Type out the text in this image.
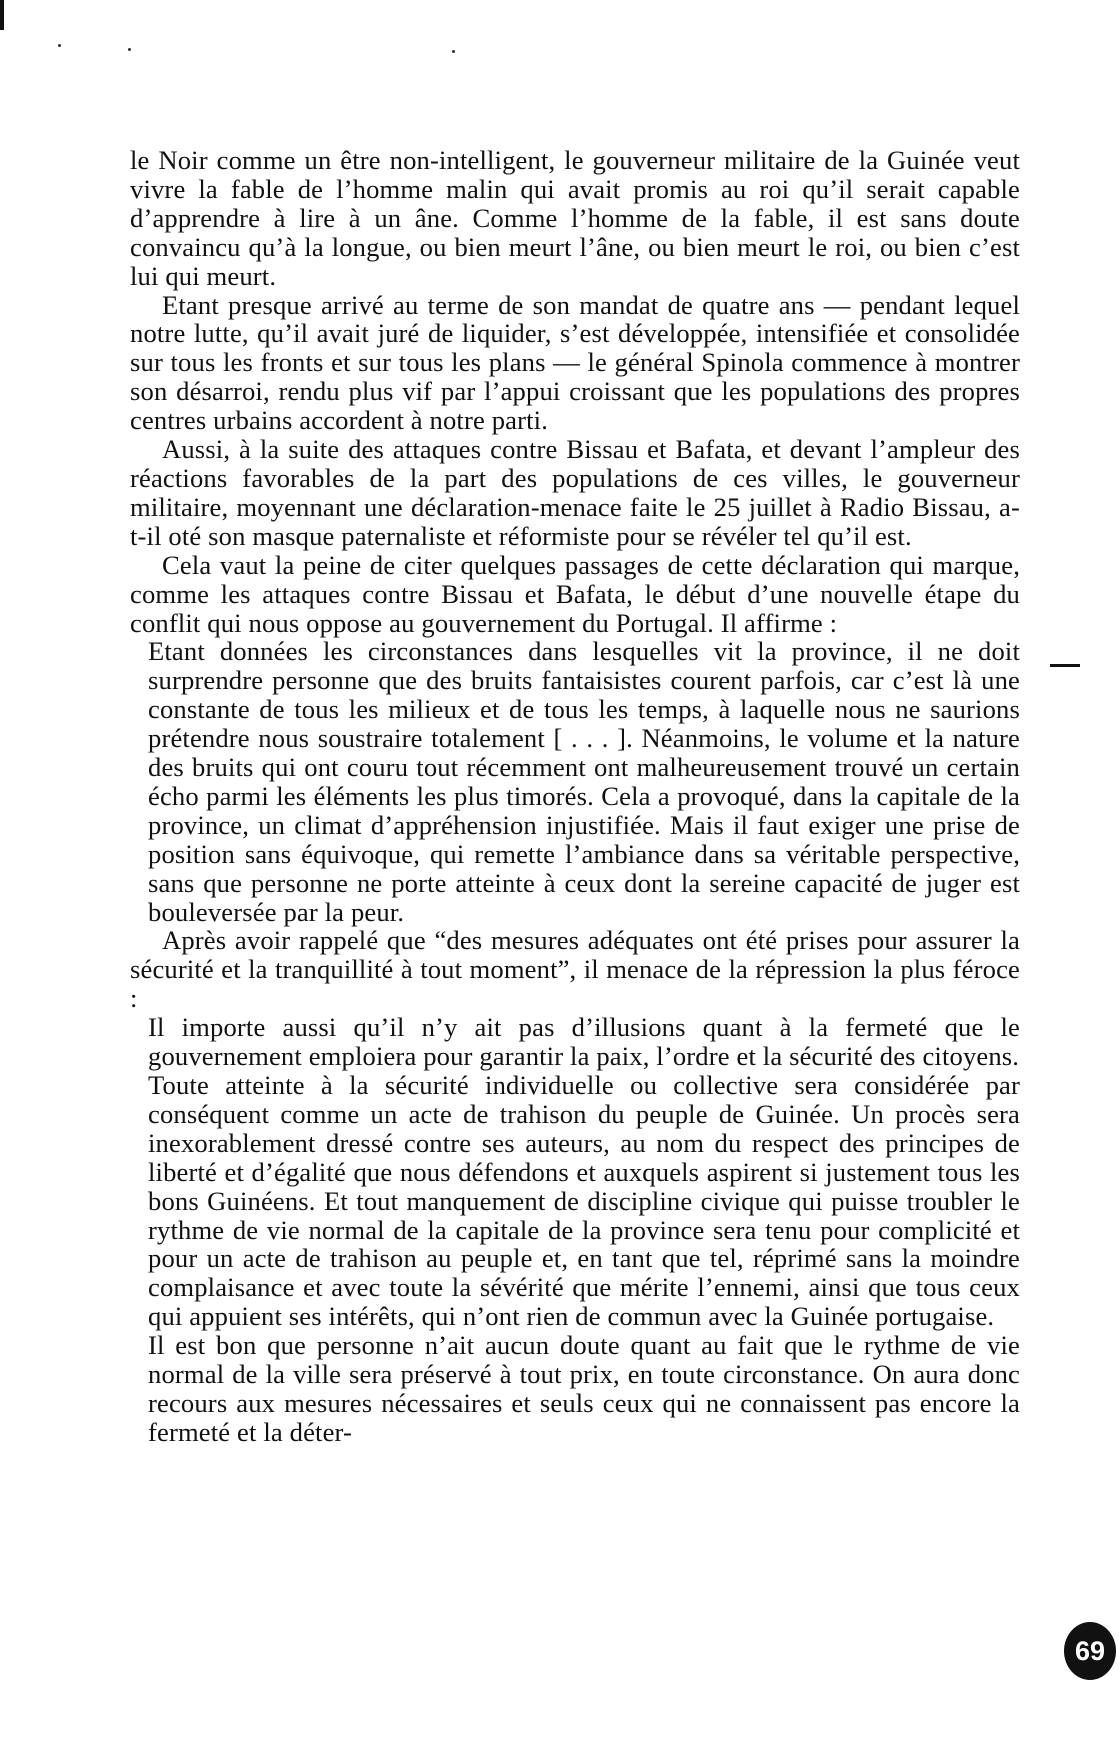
le Noir comme un être non-intelligent, le gouverneur militaire de la Guinée veut vivre la fable de l’homme malin qui avait promis au roi qu’il serait capable d’apprendre à lire à un âne. Comme l’homme de la fable, il est sans doute convaincu qu’à la longue, ou bien meurt l’âne, ou bien meurt le roi, ou bien c’est lui qui meurt.

Etant presque arrivé au terme de son mandat de quatre ans — pendant lequel notre lutte, qu’il avait juré de liquider, s’est développée, intensifiée et consolidée sur tous les fronts et sur tous les plans — le général Spinola commence à montrer son désarroi, rendu plus vif par l’appui croissant que les populations des propres centres urbains accordent à notre parti.

Aussi, à la suite des attaques contre Bissau et Bafata, et devant l’ampleur des réactions favorables de la part des populations de ces villes, le gouverneur militaire, moyennant une déclaration-menace faite le 25 juillet à Radio Bissau, a-t-il oté son masque paternaliste et réformiste pour se révéler tel qu’il est.

Cela vaut la peine de citer quelques passages de cette déclaration qui marque, comme les attaques contre Bissau et Bafata, le début d’une nouvelle étape du conflit qui nous oppose au gouvernement du Portugal. Il affirme :

Etant données les circonstances dans lesquelles vit la province, il ne doit surprendre personne que des bruits fantaisistes courent parfois, car c’est là une constante de tous les milieux et de tous les temps, à laquelle nous ne saurions prétendre nous soustraire totalement [ . . . ]. Néanmoins, le volume et la nature des bruits qui ont couru tout récemment ont malheureusement trouvé un certain écho parmi les éléments les plus timorés. Cela a provoqué, dans la capitale de la province, un climat d’appréhension injustifiée. Mais il faut exiger une prise de position sans équivoque, qui remette l’ambiance dans sa véritable perspective, sans que personne ne porte atteinte à ceux dont la sereine capacité de juger est bouleversée par la peur.

Après avoir rappelé que “des mesures adéquates ont été prises pour assurer la sécurité et la tranquillité à tout moment”, il menace de la répression la plus féroce :

Il importe aussi qu’il n’y ait pas d’illusions quant à la fermeté que le gouvernement emploiera pour garantir la paix, l’ordre et la sécurité des citoyens.

Toute atteinte à la sécurité individuelle ou collective sera considérée par conséquent comme un acte de trahison du peuple de Guinée. Un procès sera inexorablement dressé contre ses auteurs, au nom du respect des principes de liberté et d’égalité que nous défendons et auxquels aspirent si justement tous les bons Guinéens. Et tout manquement de discipline civique qui puisse troubler le rythme de vie normal de la capitale de la province sera tenu pour complicité et pour un acte de trahison au peuple et, en tant que tel, réprimé sans la moindre complaisance et avec toute la sévérité que mérite l’ennemi, ainsi que tous ceux qui appuient ses intérêts, qui n’ont rien de commun avec la Guinée portugaise.

Il est bon que personne n’ait aucun doute quant au fait que le rythme de vie normal de la ville sera préservé à tout prix, en toute circonstance. On aura donc recours aux mesures nécessaires et seuls ceux qui ne connaissent pas encore la fermeté et la déter-

69
